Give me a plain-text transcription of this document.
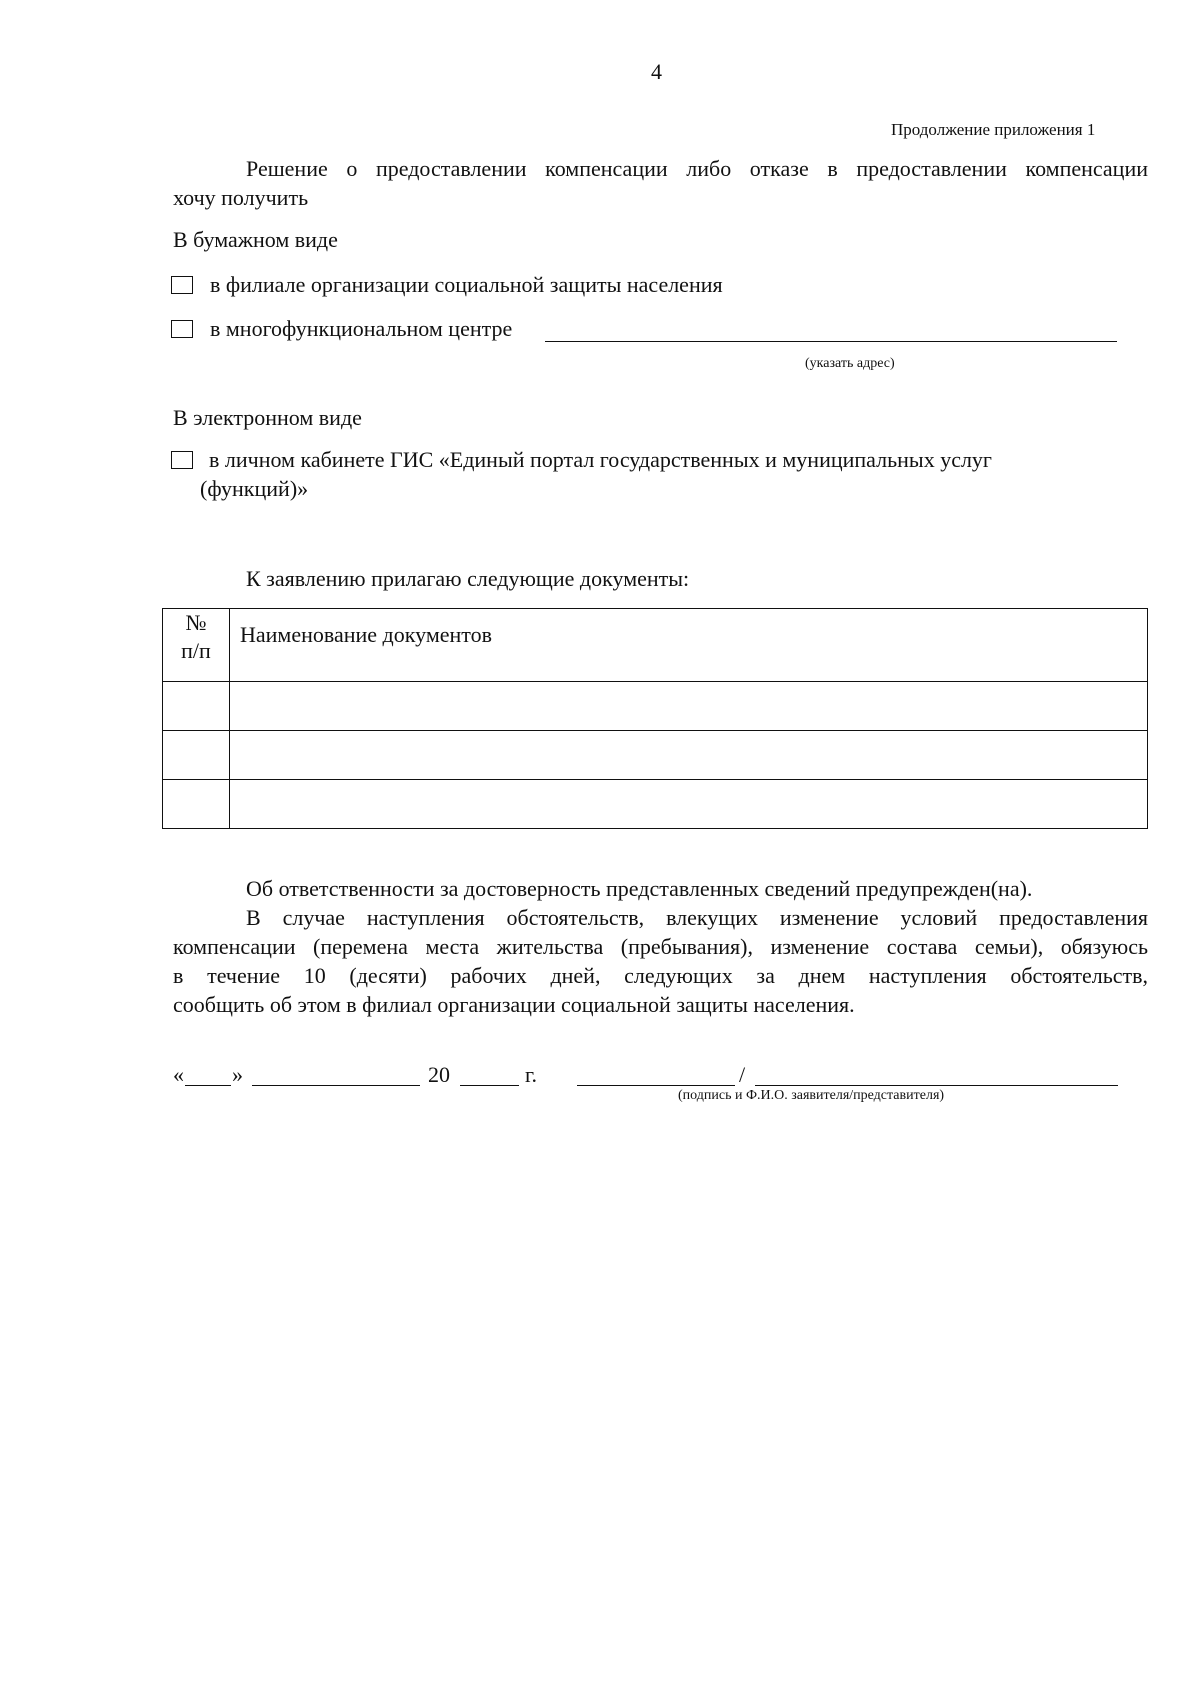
4
Продолжение приложения 1
Решение о предоставлении компенсации либо отказе в предоставлении компенсации
хочу получить
В бумажном виде
в филиале организации социальной защиты населения
в многофункциональном центре
(указать адрес)
В электронном виде
в личном кабинете ГИС «Единый портал государственных и муниципальных услуг
(функций)»
К заявлению прилагаю следующие документы:
№
п/п	Наименование документов

Об ответственности за достоверность представленных сведений предупрежден(на).
В случае наступления обстоятельств, влекущих изменение условий предоставления
компенсации (перемена места жительства (пребывания), изменение состава семьи), обязуюсь
в течение 10 (десяти) рабочих дней, следующих за днем наступления обстоятельств,
сообщить об этом в филиал организации социальной защиты населения.
« »	20	г.	/
(подпись и Ф.И.О. заявителя/представителя)
